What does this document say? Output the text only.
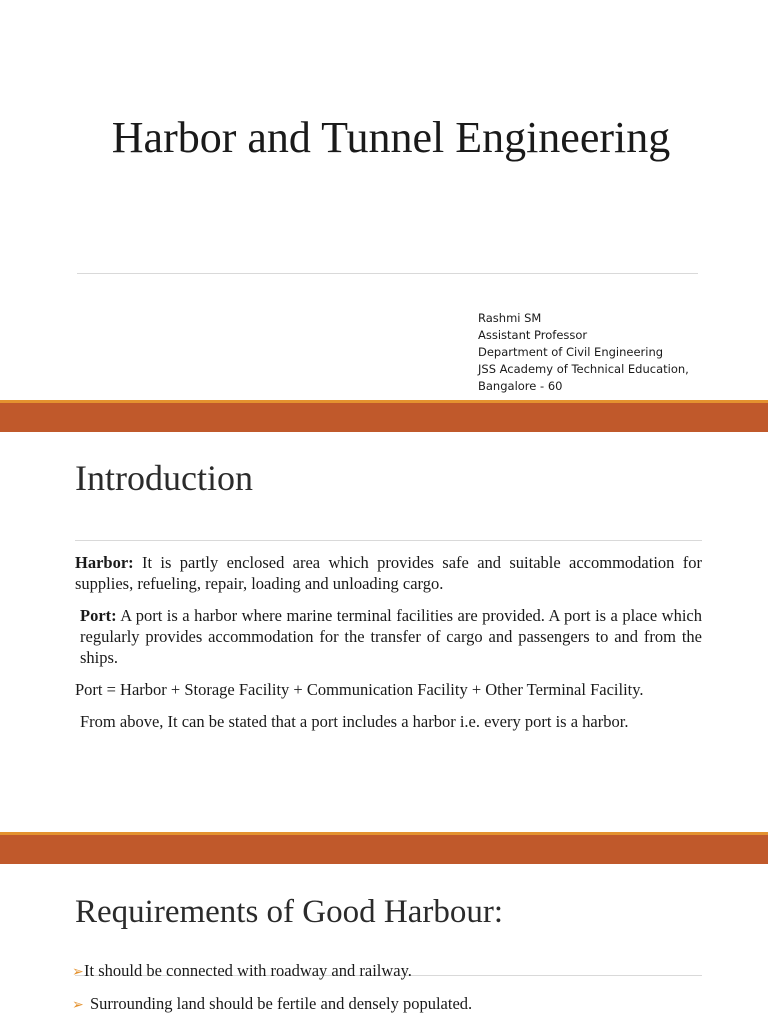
Harbor and Tunnel Engineering
Rashmi SM
Assistant Professor
Department of Civil Engineering
JSS Academy of Technical Education,
Bangalore - 60
Introduction

Harbor: It is partly enclosed area which provides safe and suitable accommodation for supplies, refueling, repair, loading and unloading cargo.

Port: A port is a harbor where marine terminal facilities are provided. A port is a place which regularly provides accommodation for the transfer of cargo and passengers to and from the ships.

Port = Harbor + Storage Facility + Communication Facility + Other Terminal Facility.

From above, It can be stated that a port includes a harbor i.e. every port is a harbor.

Requirements of Good Harbour:
➢It should be connected with roadway and railway.
➢ Surrounding land should be fertile and densely populated.
